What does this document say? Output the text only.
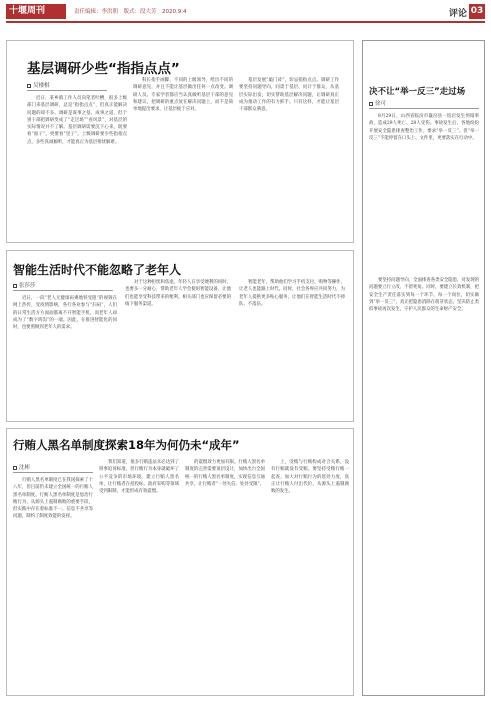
十堰周刊	责任编辑：李洪朝　版式：段大芳　2020.9.4	评论 03
基层调研少些“指指点点”
吴楼棋
近日，某乡镇工作人员向笔者吐槽，很多上级部门来基层调研，总是“指指点点”，但真正能解决问题的却不多。调研是谋事之基、成事之道，但个别干部把调研变成了“走过场”“看风景”，对基层的实际情况并不了解。基层调研需要沉下心来，既要看“面子”，更要看“里子”。上级调研要少些指指点点，多些真诚倾听，才能真正为基层排忧解难。
科长指手画脚，不同的上级领导，给出不同的调研意见，并且不能让基层做出任何一点改变。调研人员、专家学者都应当认真倾听基层干部的意见和建议，把调研的重点放在解决问题上，而不是简单地提出要求，让基层疲于应对。
基层发展“敲门砖”，切忌指指点点。调研工作要坚持问题导向，问需于基层、问计于群众，从基层实际出发，切实帮助基层解决问题，让调研真正成为推动工作的有力抓手。只有这样，才能让基层干部群众满意。
智能生活时代不能忽略了老年人
张莎莎
近日，一段“老人无健康码乘地铁受阻”的视频在网上热传，受疫情影响，各行各业参与“扫码”，人们的日常生活方方面面都离不开智能手机，而老年人却成为了“数字鸿沟”的一端。因此，在推进智能化的同时，也要照顾到老年人的需求。
对于这种担忧和焦虑，年轻人在享受便利的同时，也要多一分耐心，帮助老年人学会使用智能设备，让他们也能享受科技带来的便利。相关部门也应保留必要的线下服务渠道。
智能老年，帮助他们学习手机支付、购物等操作，让老人也能跟上时代。同时，社会各界应共同努力，为老年人提供更多贴心服务，让他们在智能生活时代不掉队、不落伍。
行贿人黑名单制度探索18年为何仍未“成年”
沈彬
行贿人黑名单制度已在我国探索了十八年，但目前仍未建立全国统一的行贿人黑名单制度。行贿人黑名单制度是惩治行贿行为、从源头上遏制腐败的重要手段，但实践中存在着标准不一、信息不共享等问题，制约了制度效能的发挥。
我们知道，很多行贿违法未必达到了刑事追诉标准，但行贿行为本身就破坏了公平竞争的市场环境。建立行贿人黑名单，让行贿者在招投标、政府采购等领域受到限制，才能形成有效震慑。
的震慑效力更加有限。行贿人黑名单制度的完善需要顶层设计，加快出台全国统一的行贿人黑名单制度，实现信息互通共享，让行贿者“一处失信、处处受限”。
上，受贿与行贿构成对合关系，没有行贿就没有受贿。要坚持受贿行贿一起查，加大对行贿行为的惩处力度，真正让行贿人付出代价，从源头上遏制腐败的发生。
决不让“举一反三”走过场
徐可
8月29日，山西省临汾市襄汾县一饭店发生坍塌事故，造成29人死亡、28人受伤。事故发生后，各地纷纷开展安全隐患排查整治工作，要求“举一反三”。但“举一反三”不能停留在口头上、文件里，更要落实在行动中。
要坚持问题导向，全面排查各类安全隐患，对发现的问题要立行立改、不留死角。同时，要建立长效机制，把安全生产责任落实到每一个环节、每一个岗位，切实做到“举一反三”，真正把隐患消除在萌芽状态，坚决防止类似事故再次发生，守护人民群众的生命财产安全。
